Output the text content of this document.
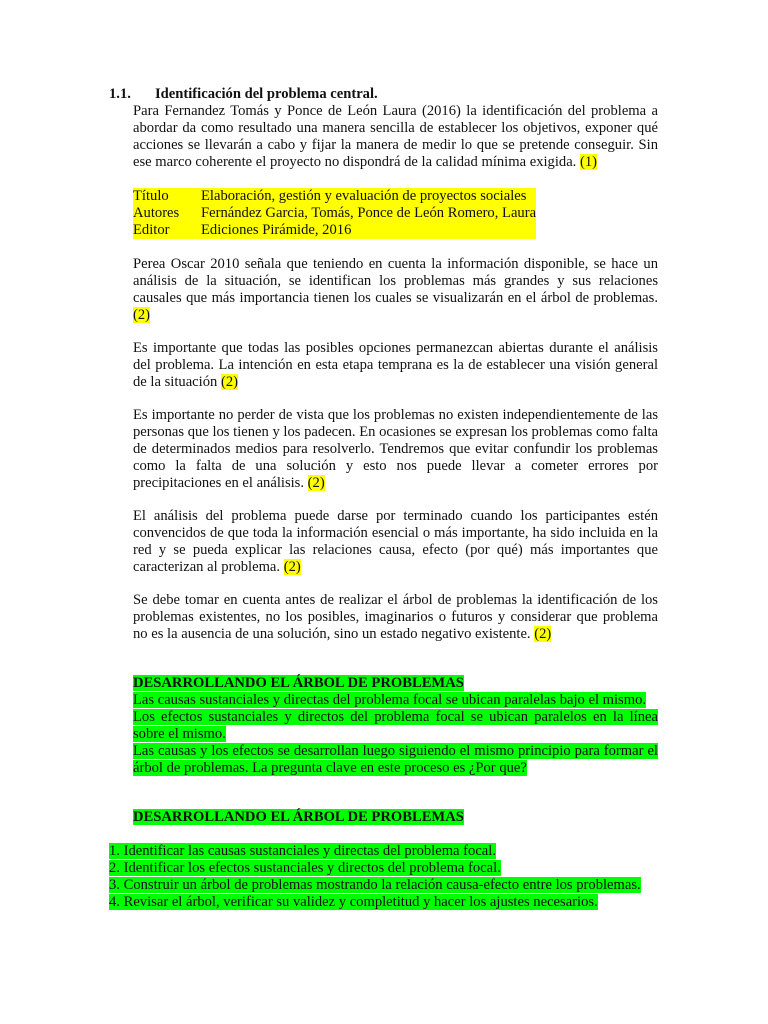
1.1. Identificación del problema central.
Para Fernandez Tomás y Ponce de León Laura (2016) la identificación del problema a abordar da como resultado una manera sencilla de establecer los objetivos, exponer qué acciones se llevarán a cabo y fijar la manera de medir lo que se pretende conseguir. Sin ese marco coherente el proyecto no dispondrá de la calidad mínima exigida. (1)
Título	Elaboración, gestión y evaluación de proyectos sociales
Autores	Fernández Garcia, Tomás, Ponce de León Romero, Laura
Editor	Ediciones Pirámide, 2016
Perea Oscar 2010 señala que teniendo en cuenta la información disponible, se hace un análisis de la situación, se identifican los problemas más grandes y sus relaciones causales que más importancia tienen los cuales se visualizarán en el árbol de problemas. (2)
Es importante que todas las posibles opciones permanezcan abiertas durante el análisis del problema. La intención en esta etapa temprana es la de establecer una visión general de la situación (2)
Es importante no perder de vista que los problemas no existen independientemente de las personas que los tienen y los padecen. En ocasiones se expresan los problemas como falta de determinados medios para resolverlo. Tendremos que evitar confundir los problemas como la falta de una solución y esto nos puede llevar a cometer errores por precipitaciones en el análisis. (2)
El análisis del problema puede darse por terminado cuando los participantes estén convencidos de que toda la información esencial o más importante, ha sido incluida en la red y se pueda explicar las relaciones causa, efecto (por qué) más importantes que caracterizan al problema. (2)
Se debe tomar en cuenta antes de realizar el árbol de problemas la identificación de los problemas existentes, no los posibles, imaginarios o futuros y considerar que problema no es la ausencia de una solución, sino un estado negativo existente. (2)
DESARROLLANDO EL ÁRBOL DE PROBLEMAS
Las causas sustanciales y directas del problema focal se ubican paralelas bajo el mismo.
Los efectos sustanciales y directos del problema focal se ubican paralelos en la línea sobre el mismo.
Las causas y los efectos se desarrollan luego siguiendo el mismo principio para formar el árbol de problemas. La pregunta clave en este proceso es ¿Por que?
DESARROLLANDO EL ÁRBOL DE PROBLEMAS
1. Identificar las causas sustanciales y directas del problema focal.
2. Identificar los efectos sustanciales y directos del problema focal.
3. Construir un árbol de problemas mostrando la relación causa-efecto entre los problemas.
4. Revisar el árbol, verificar su validez y completitud y hacer los ajustes necesarios.
